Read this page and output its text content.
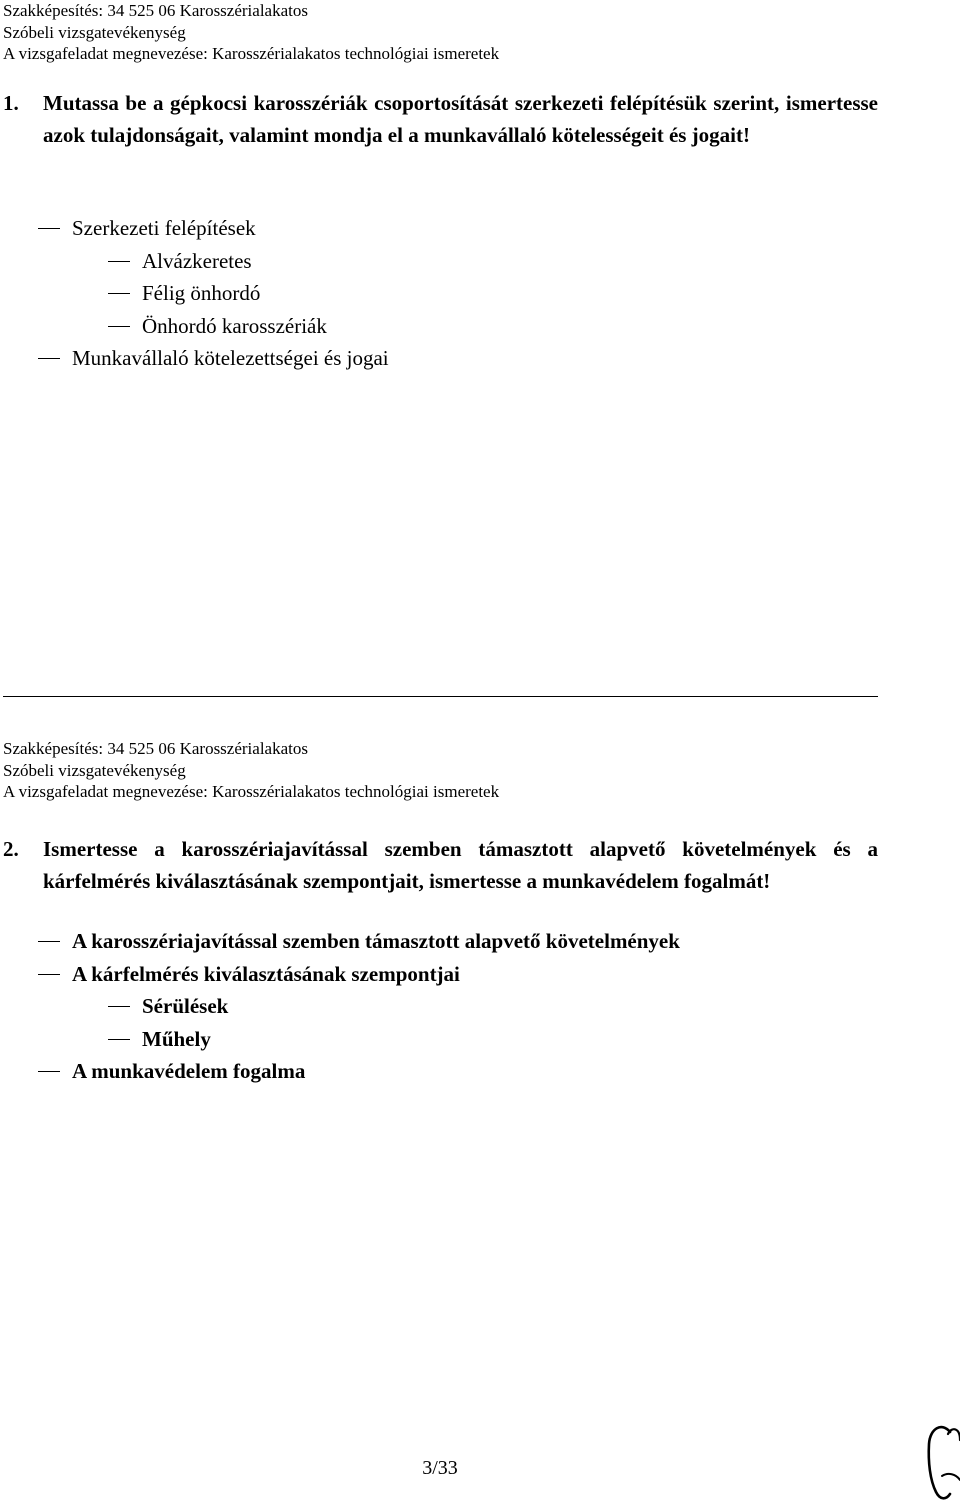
Szakképesítés: 34 525 06 Karosszérialakatos
Szóbeli vizsgatevékenység
A vizsgafeladat megnevezése: Karosszérialakatos technológiai ismeretek
1. Mutassa be a gépkocsi karosszériák csoportosítását szerkezeti felépítésük szerint, ismertesse azok tulajdonságait, valamint mondja el a munkavállaló kötelességeit és jogait!
Szerkezeti felépítések
Alvázkeretes
Félig önhordó
Önhordó karosszériák
Munkavállaló kötelezettségei és jogai
Szakképesítés: 34 525 06 Karosszérialakatos
Szóbeli vizsgatevékenység
A vizsgafeladat megnevezése: Karosszérialakatos technológiai ismeretek
2. Ismertesse a karosszériajavítással szemben támasztott alapvető követelmények és a kárfelmérés kiválasztásának szempontjait, ismertesse a munkavédelem fogalmát!
A karosszériajavítással szemben támasztott alapvető követelmények
A kárfelmérés kiválasztásának szempontjai
Sérülések
Műhely
A munkavédelem fogalma
3/33
